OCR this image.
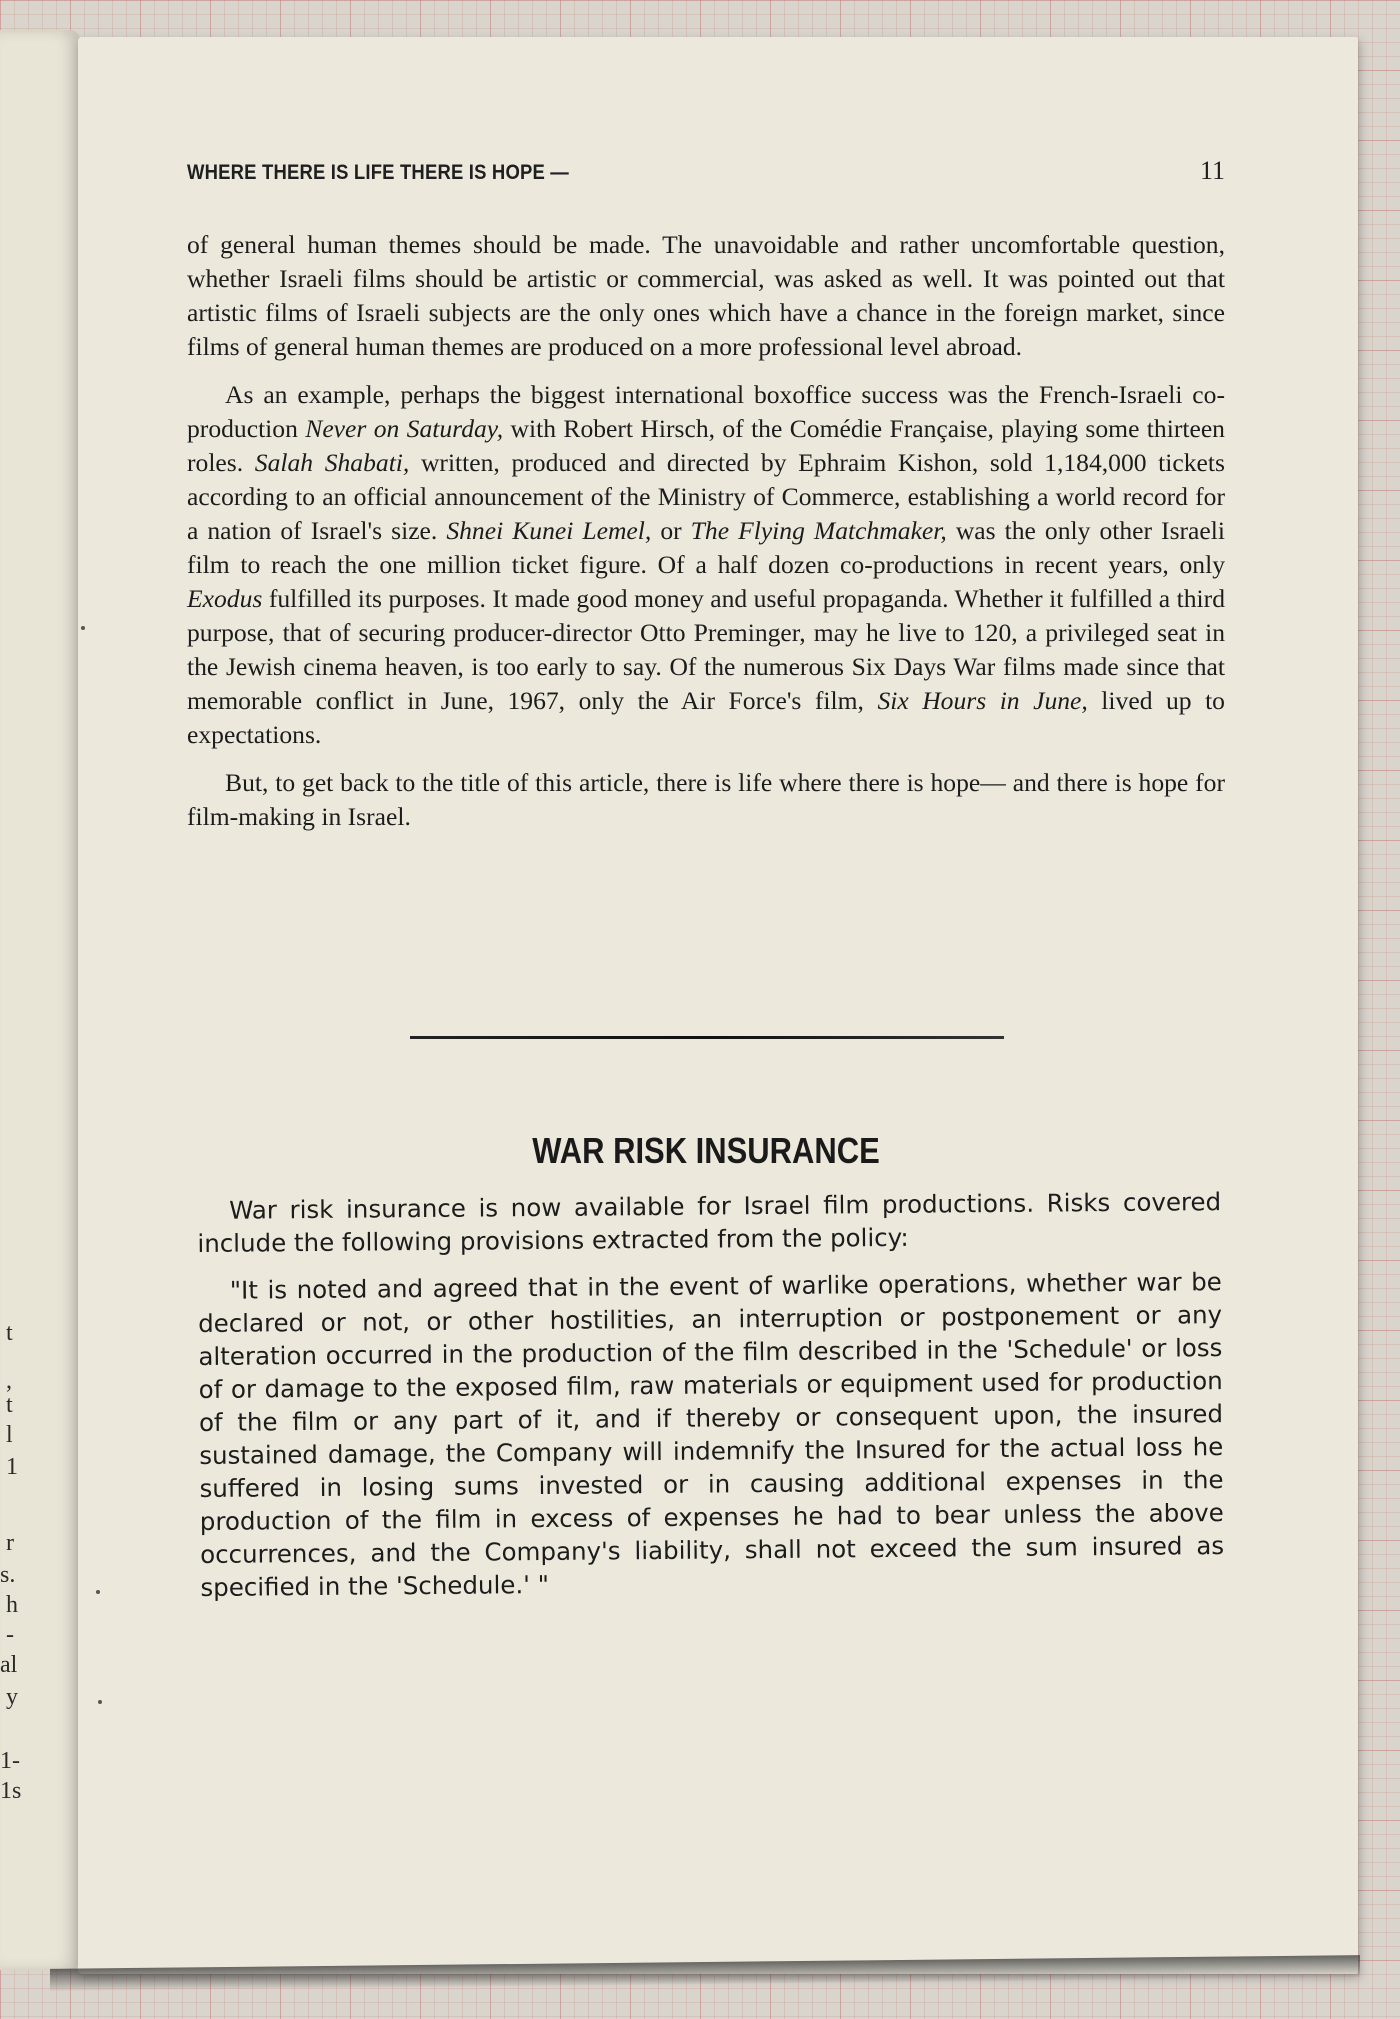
t
,
t
l
1
r
s.
h
-
al
y
1-
1s
WHERE THERE IS LIFE THERE IS HOPE —	11

of general human themes should be made. The unavoidable and rather uncomfortable question, whether Israeli films should be artistic or commercial, was asked as well. It was pointed out that artistic films of Israeli subjects are the only ones which have a chance in the foreign market, since films of general human themes are produced on a more professional level abroad.

As an example, perhaps the biggest international boxoffice success was the French-Israeli co-production Never on Saturday, with Robert Hirsch, of the Comédie Française, playing some thirteen roles. Salah Shabati, written, produced and directed by Ephraim Kishon, sold 1,184,000 tickets according to an official announcement of the Ministry of Commerce, establishing a world record for a nation of Israel's size. Shnei Kunei Lemel, or The Flying Matchmaker, was the only other Israeli film to reach the one million ticket figure. Of a half dozen co-productions in recent years, only Exodus fulfilled its purposes. It made good money and useful propaganda. Whether it fulfilled a third purpose, that of securing producer-director Otto Preminger, may he live to 120, a privileged seat in the Jewish cinema heaven, is too early to say. Of the numerous Six Days War films made since that memorable conflict in June, 1967, only the Air Force's film, Six Hours in June, lived up to expectations.

But, to get back to the title of this article, there is life where there is hope— and there is hope for film-making in Israel.

WAR RISK INSURANCE

War risk insurance is now available for Israel film productions. Risks covered include the following provisions extracted from the policy:

"It is noted and agreed that in the event of warlike operations, whether war be declared or not, or other hostilities, an interruption or postponement or any alteration occurred in the production of the film described in the 'Schedule' or loss of or damage to the exposed film, raw materials or equipment used for production of the film or any part of it, and if thereby or consequent upon, the insured sustained damage, the Company will indemnify the Insured for the actual loss he suffered in losing sums invested or in causing additional expenses in the production of the film in excess of expenses he had to bear unless the above occurrences, and the Company's liability, shall not exceed the sum insured as specified in the 'Schedule.' "
